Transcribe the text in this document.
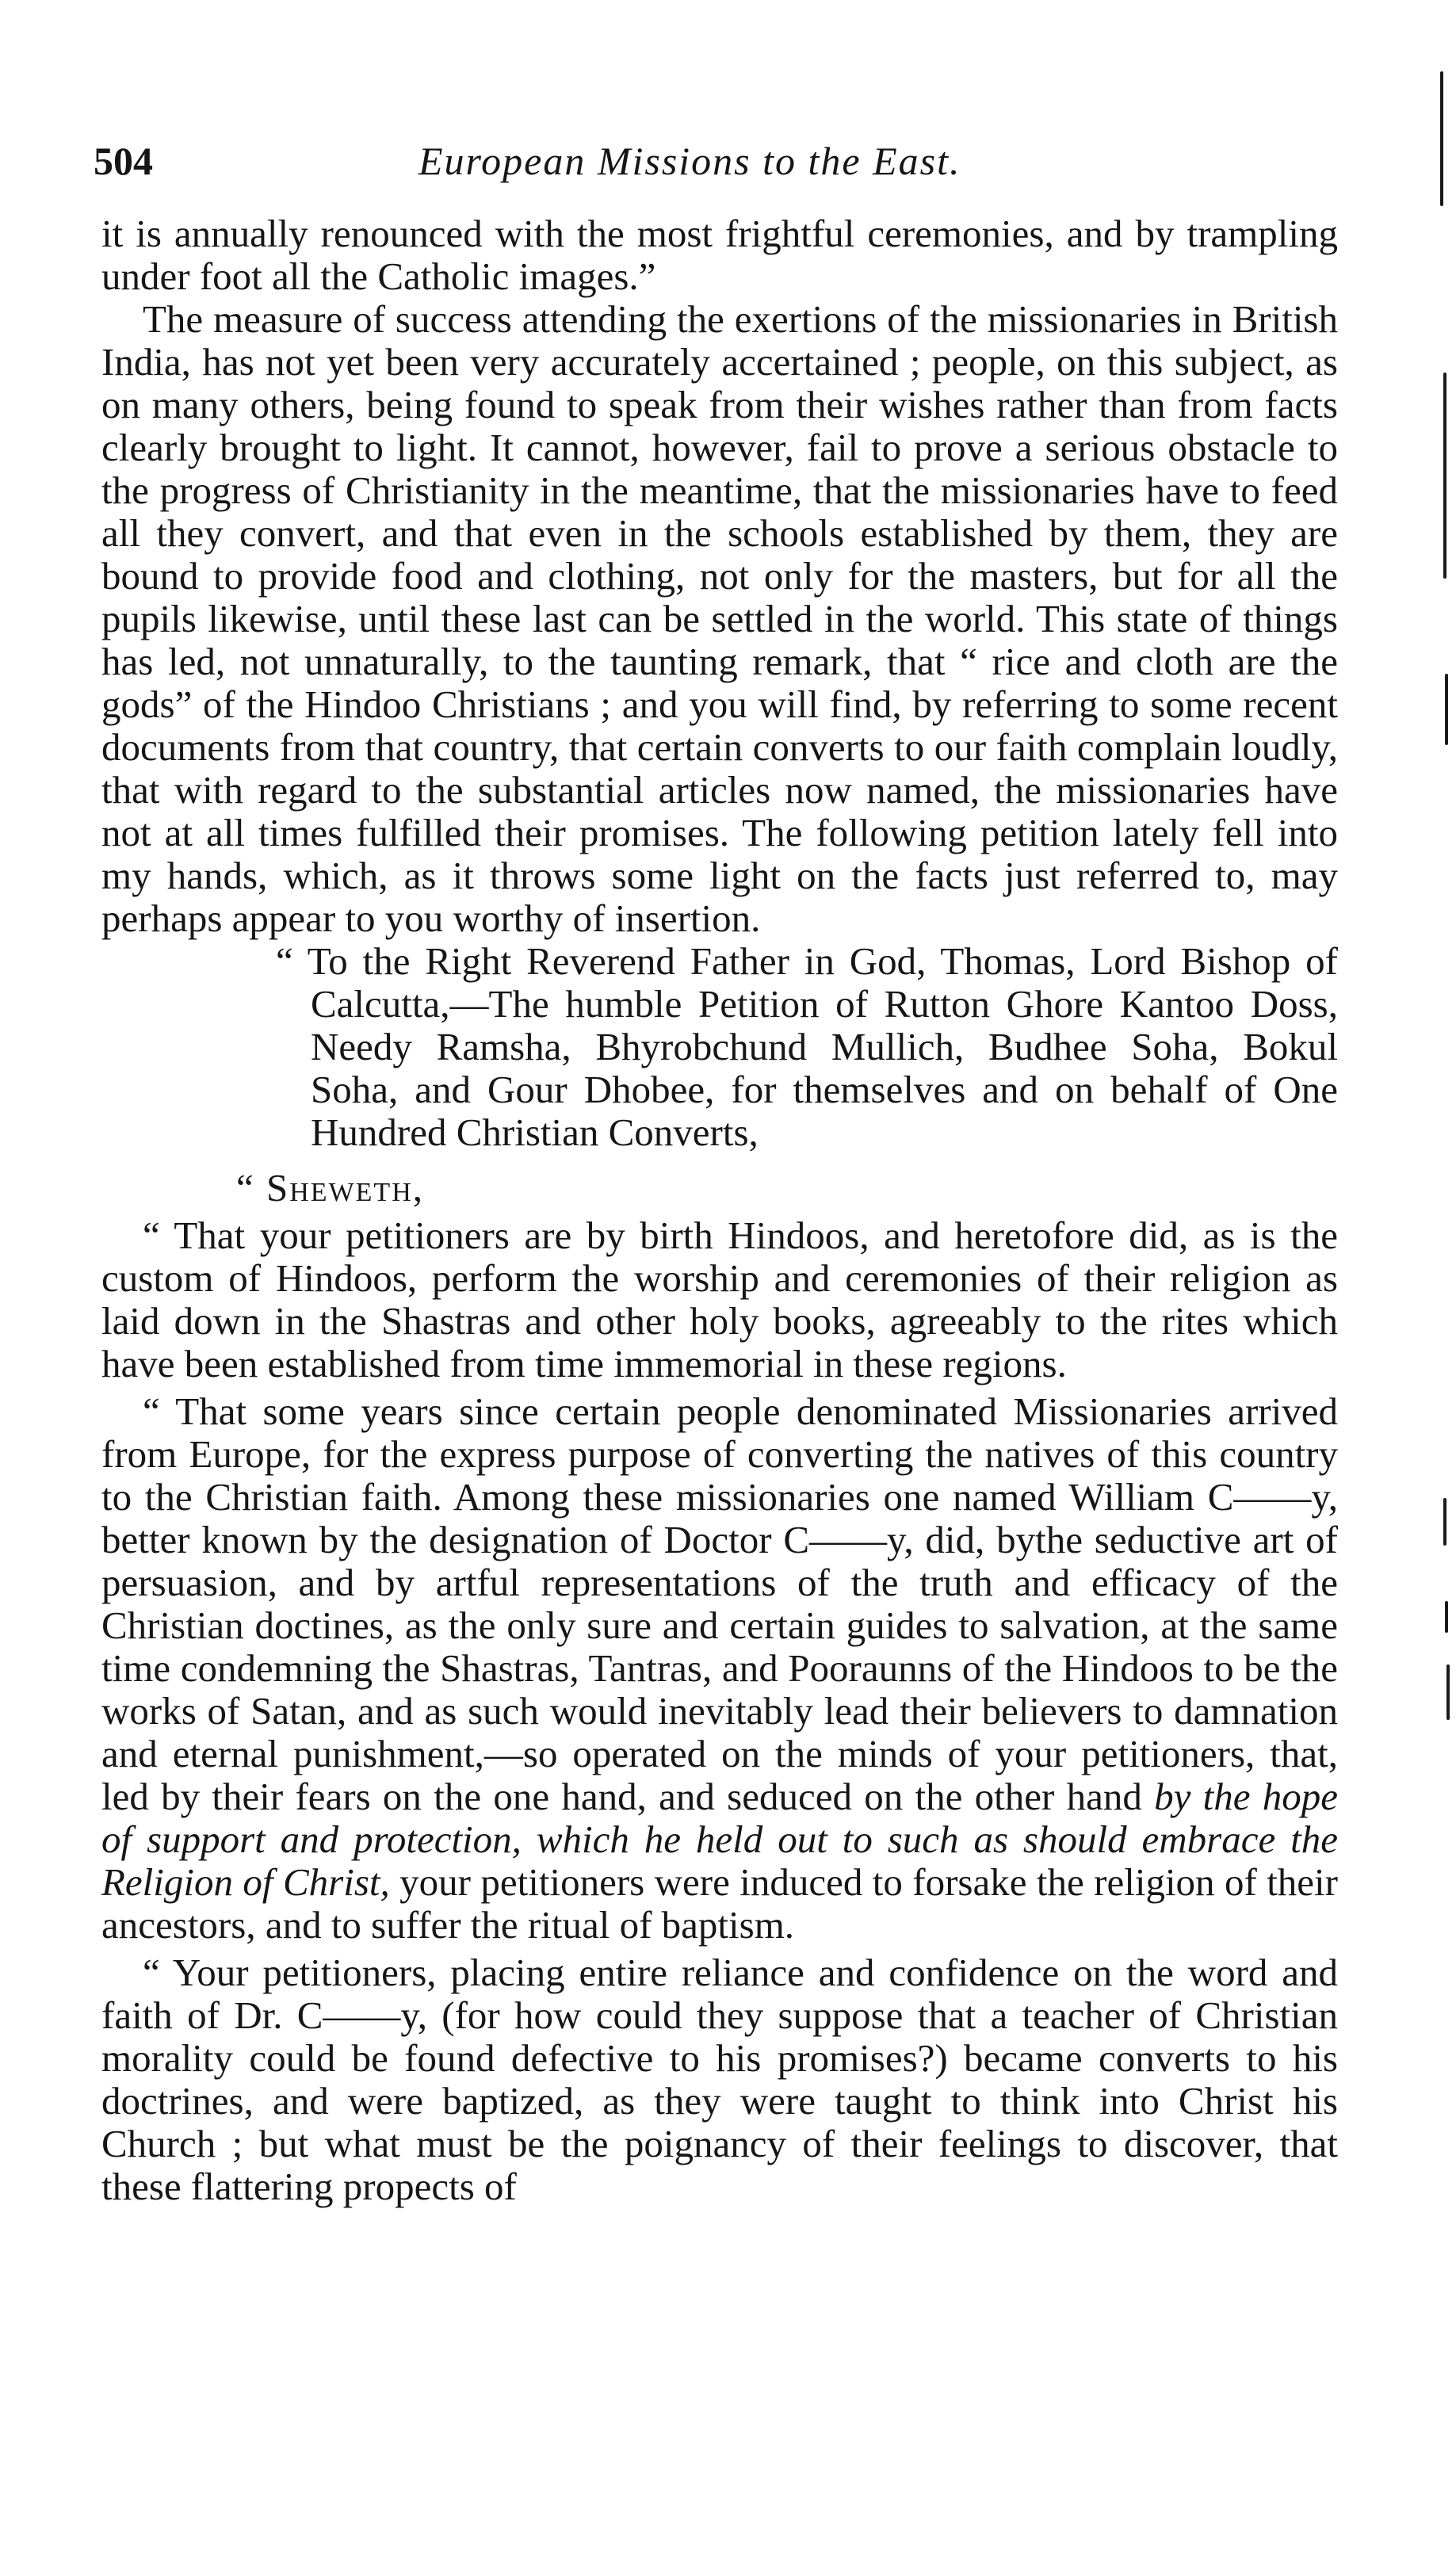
504	European Missions to the East.

it is annually renounced with the most frightful ceremonies, and by trampling under foot all the Catholic images.”

The measure of success attending the exertions of the missionaries in British India, has not yet been very accurately accertained ; people, on this subject, as on many others, being found to speak from their wishes rather than from facts clearly brought to light. It cannot, however, fail to prove a serious obstacle to the progress of Christianity in the meantime, that the missionaries have to feed all they convert, and that even in the schools established by them, they are bound to provide food and clothing, not only for the masters, but for all the pupils likewise, until these last can be settled in the world. This state of things has led, not unnaturally, to the taunting remark, that “ rice and cloth are the gods” of the Hindoo Christians ; and you will find, by referring to some recent documents from that country, that certain converts to our faith complain loudly, that with regard to the substantial articles now named, the missionaries have not at all times fulfilled their promises. The following petition lately fell into my hands, which, as it throws some light on the facts just referred to, may perhaps appear to you worthy of insertion.

“ To the Right Reverend Father in God, Thomas, Lord Bishop of Calcutta,—The humble Petition of Rutton Ghore Kantoo Doss, Needy Ramsha, Bhyrobchund Mullich, Budhee Soha, Bokul Soha, and Gour Dhobee, for themselves and on behalf of One Hundred Christian Converts,

“ Sheweth,

“ That your petitioners are by birth Hindoos, and heretofore did, as is the custom of Hindoos, perform the worship and ceremonies of their religion as laid down in the Shastras and other holy books, agreeably to the rites which have been established from time immemorial in these regions.

“ That some years since certain people denominated Missionaries arrived from Europe, for the express purpose of converting the natives of this country to the Christian faith. Among these missionaries one named William C——y, better known by the designation of Doctor C——y, did, bythe seductive art of persuasion, and by artful representations of the truth and efficacy of the Christian doctines, as the only sure and certain guides to salvation, at the same time condemning the Shastras, Tantras, and Pooraunns of the Hindoos to be the works of Satan, and as such would inevitably lead their believers to damnation and eternal punishment,—so operated on the minds of your petitioners, that, led by their fears on the one hand, and seduced on the other hand by the hope of support and protection, which he held out to such as should embrace the Religion of Christ, your petitioners were induced to forsake the religion of their ancestors, and to suffer the ritual of baptism.

“ Your petitioners, placing entire reliance and confidence on the word and faith of Dr. C——y, (for how could they suppose that a teacher of Christian morality could be found defective to his promises?) became converts to his doctrines, and were baptized, as they were taught to think into Christ his Church ; but what must be the poignancy of their feelings to discover, that these flattering propects of
